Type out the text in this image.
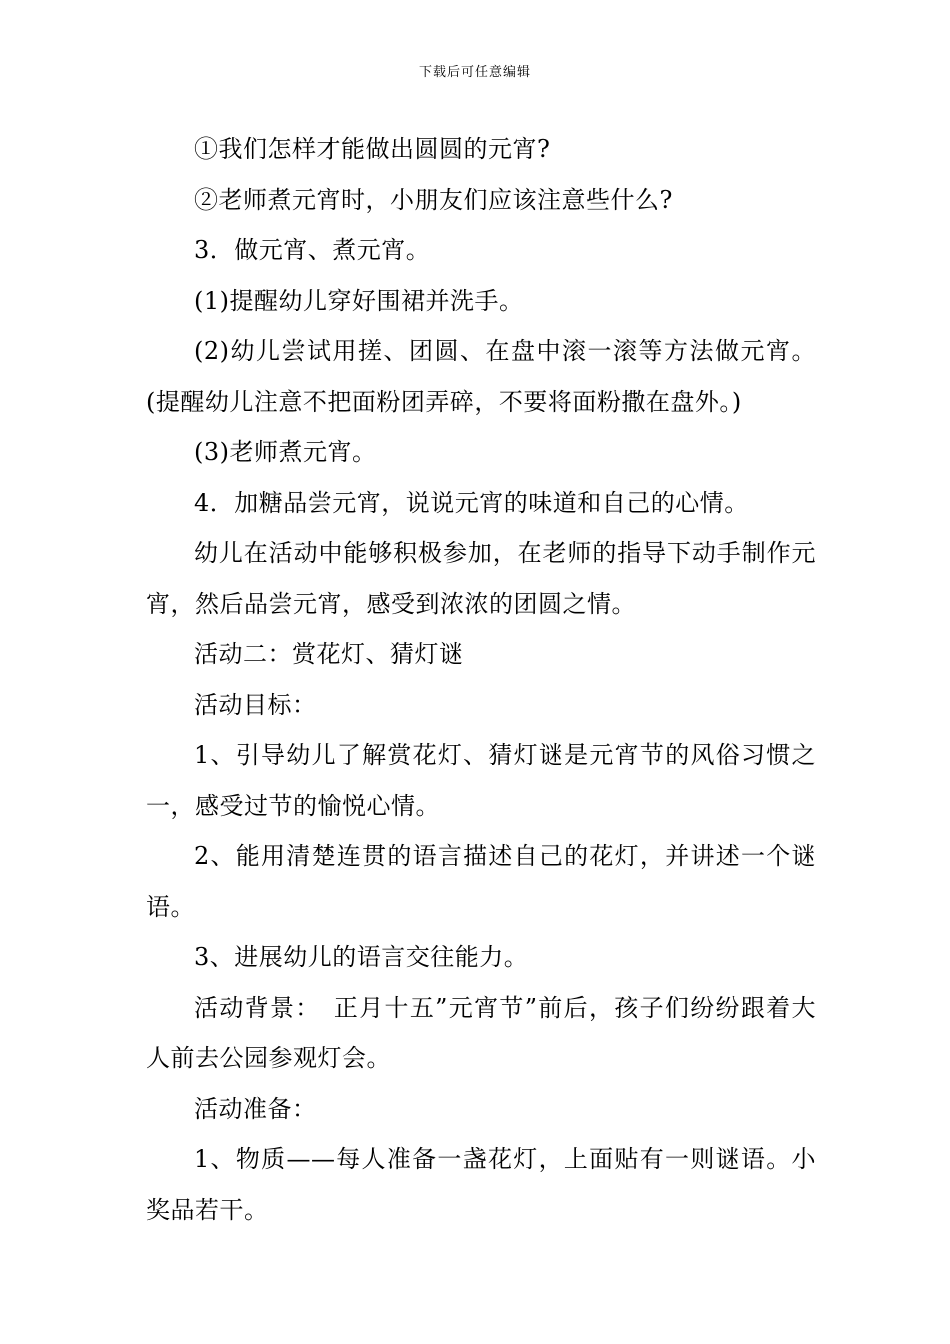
下载后可任意编辑

①我们怎样才能做出圆圆的元宵?

②老师煮元宵时，小朋友们应该注意些什么?

3．做元宵、煮元宵。

(1)提醒幼儿穿好围裙并洗手。

(2)幼儿尝试用搓、团圆、在盘中滚一滚等方法做元宵。(提醒幼儿注意不把面粉团弄碎，不要将面粉撒在盘外。)

(3)老师煮元宵。

4．加糖品尝元宵，说说元宵的味道和自己的心情。

幼儿在活动中能够积极参加，在老师的指导下动手制作元宵，然后品尝元宵，感受到浓浓的团圆之情。

活动二：赏花灯、猜灯谜

活动目标：

1、引导幼儿了解赏花灯、猜灯谜是元宵节的风俗习惯之一，感受过节的愉悦心情。

2、能用清楚连贯的语言描述自己的花灯，并讲述一个谜语。

3、进展幼儿的语言交往能力。

活动背景：　正月十五”元宵节”前后，孩子们纷纷跟着大人前去公园参观灯会。

活动准备：

1、物质——每人准备一盏花灯，上面贴有一则谜语。小奖品若干。
